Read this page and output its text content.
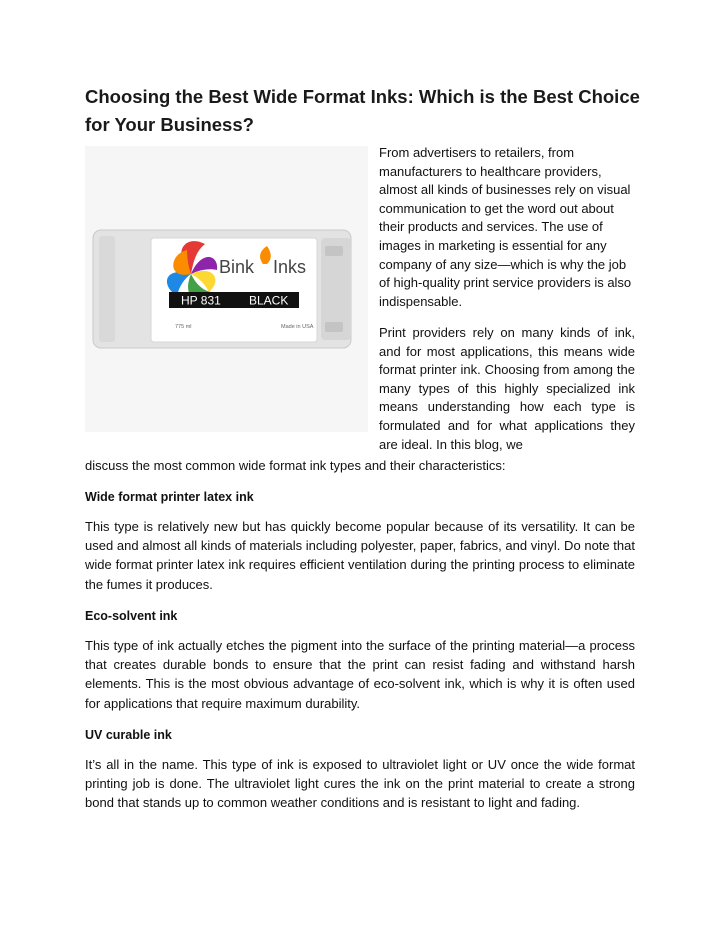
Choosing the Best Wide Format Inks: Which is the Best Choice for Your Business?
Bink Inks
HP 831 BLACK
775 ml	Made in USA

From advertisers to retailers, from manufacturers to healthcare providers, almost all kinds of businesses rely on visual communication to get the word out about their products and services. The use of images in marketing is essential for any company of any size—which is why the job of high-quality print service providers is also indispensable.

Print providers rely on many kinds of ink, and for most applications, this means wide format printer ink. Choosing from among the many types of this highly specialized ink means understanding how each type is formulated and for what applications they are ideal. In this blog, we

discuss the most common wide format ink types and their characteristics:

Wide format printer latex ink

This type is relatively new but has quickly become popular because of its versatility. It can be used and almost all kinds of materials including polyester, paper, fabrics, and vinyl. Do note that wide format printer latex ink requires efficient ventilation during the printing process to eliminate the fumes it produces.

Eco-solvent ink

This type of ink actually etches the pigment into the surface of the printing material—a process that creates durable bonds to ensure that the print can resist fading and withstand harsh elements. This is the most obvious advantage of eco-solvent ink, which is why it is often used for applications that require maximum durability.

UV curable ink

It’s all in the name. This type of ink is exposed to ultraviolet light or UV once the wide format printing job is done. The ultraviolet light cures the ink on the print material to create a strong bond that stands up to common weather conditions and is resistant to light and fading.
